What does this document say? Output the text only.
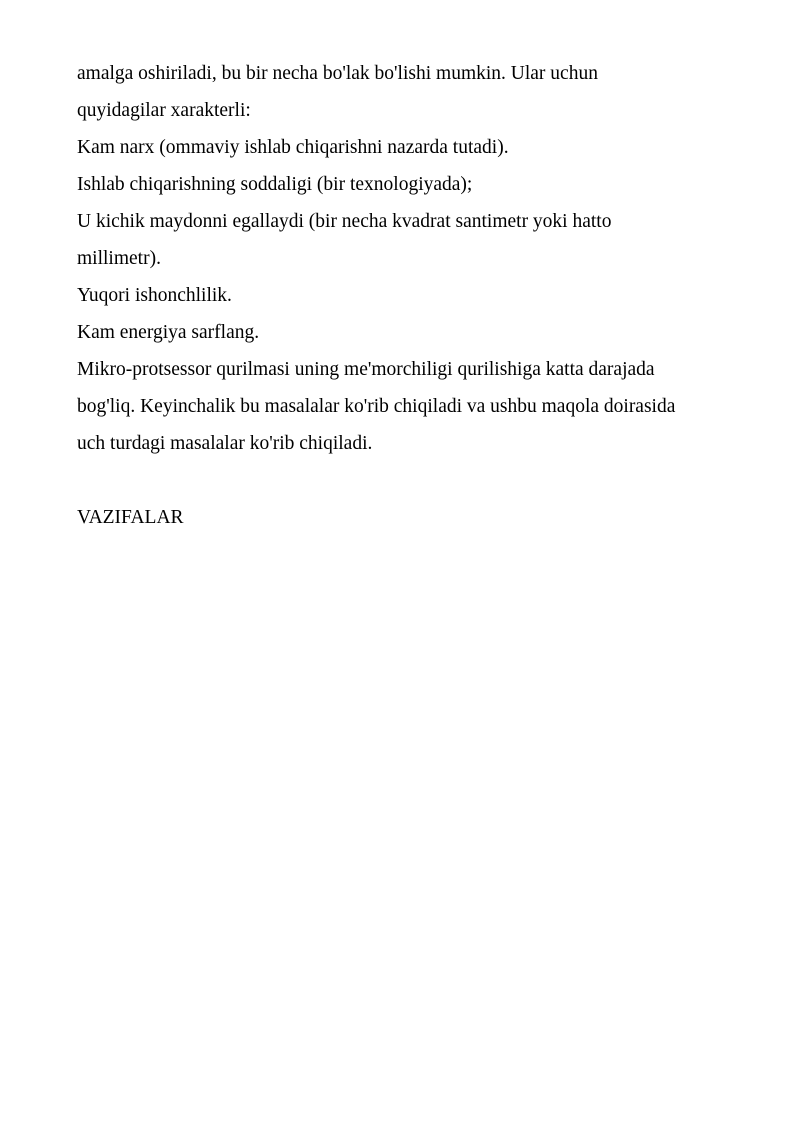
amalga oshiriladi, bu bir necha bo'lak bo'lishi mumkin. Ular uchun
quyidagilar xarakterli:
Kam narx (ommaviy ishlab chiqarishni nazarda tutadi).
Ishlab chiqarishning soddaligi (bir texnologiyada);
U kichik maydonni egallaydi (bir necha kvadrat santimetr yoki hatto
millimetr).
Yuqori ishonchlilik.
Kam energiya sarflang.
Mikro-protsessor qurilmasi uning me'morchiligi qurilishiga katta darajada
bog'liq. Keyinchalik bu masalalar ko'rib chiqiladi va ushbu maqola doirasida
uch turdagi masalalar ko'rib chiqiladi.
VAZIFALAR
